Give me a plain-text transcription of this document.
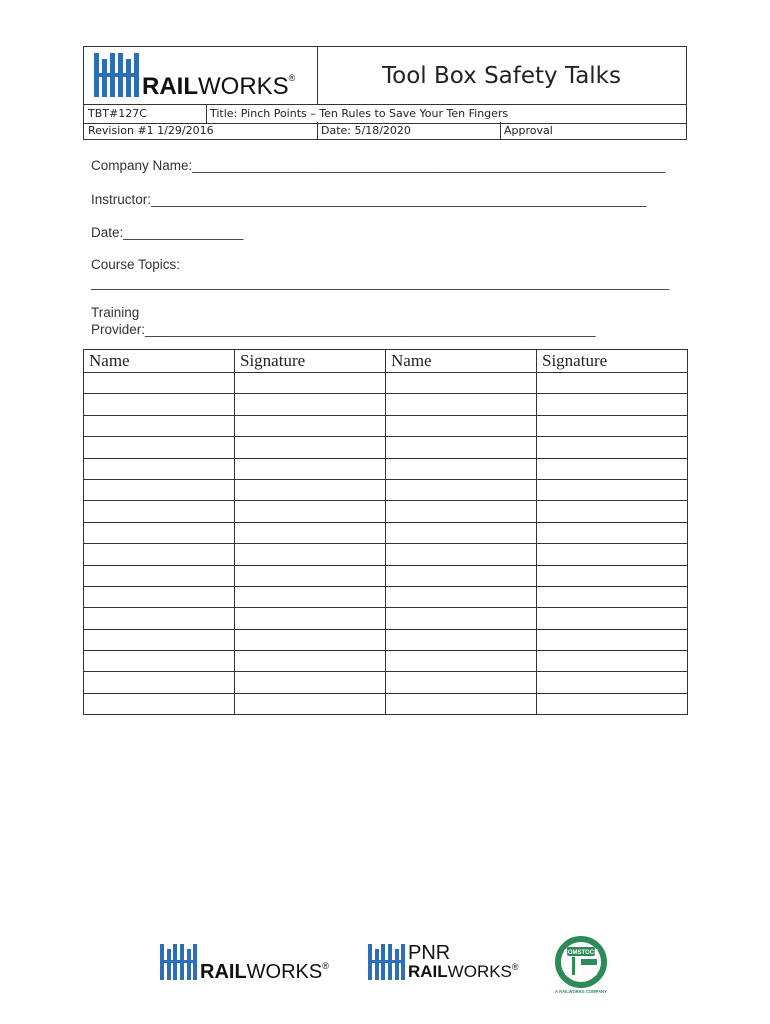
RAILWORKS®	Tool Box Safety Talks
TBT#127C	Title: Pinch Points – Ten Rules to Save Your Ten Fingers
Revision #1 1/29/2016	Date: 5/18/2020	Approval
Company Name:_______________________________________________________________
Instructor:__________________________________________________________________
Date:________________
Course Topics:
_____________________________________________________________________________
Training
Provider:____________________________________________________________
Name	Signature	Name	Signature

RAILWORKS®
PNR
RAILWORKS®
COMSTOCK
A RAILWORKS COMPANY
